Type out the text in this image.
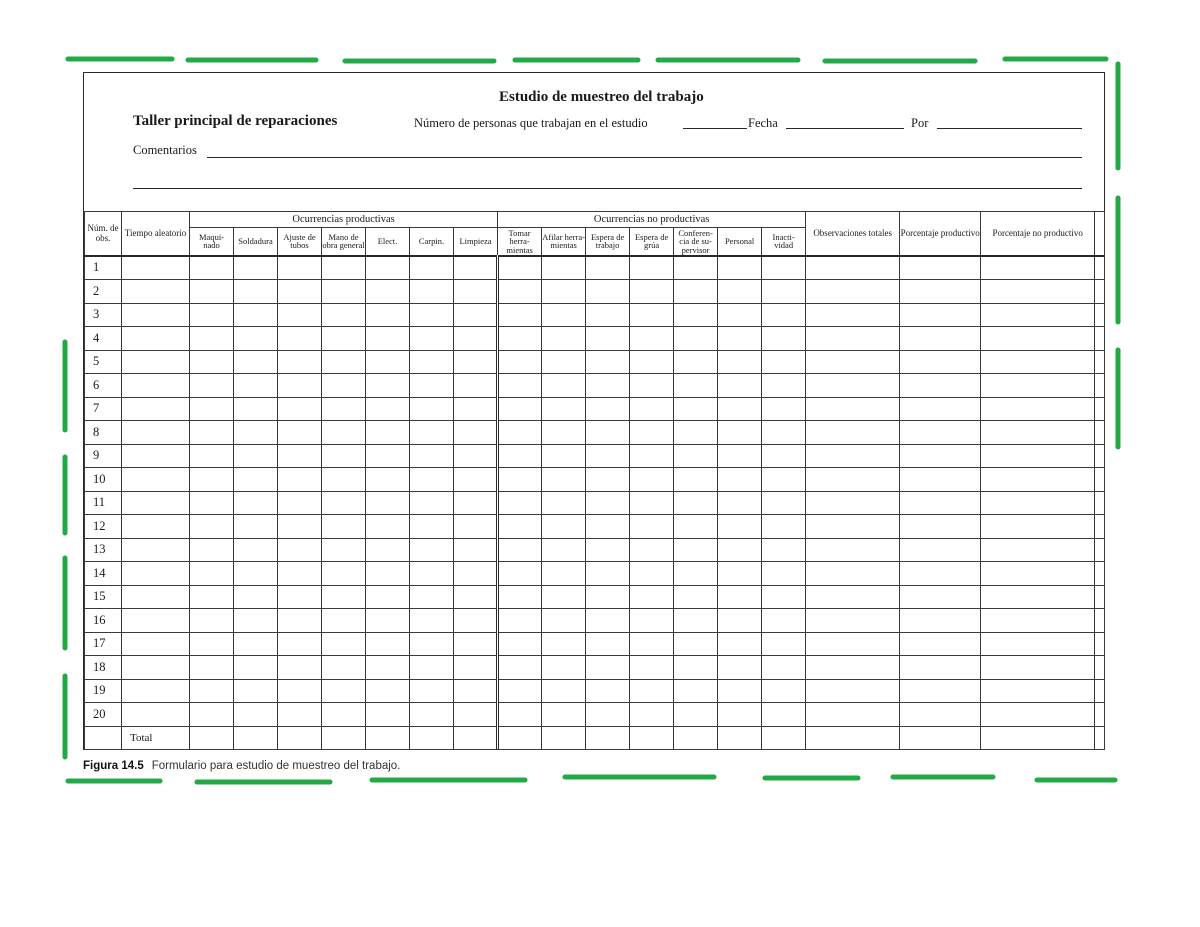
Estudio de muestreo del trabajo
Taller principal de reparaciones	Número de personas que trabajan en el estudio	Fecha	Por
Comentarios
Núm. de obs.	Tiempo aleatorio	Ocurrencias productivas							Ocurrencias no productivas							Observaciones totales	Porcentaje productivo	Porcentaje no productivo	
		Maqui- nado	Soldadura	Ajuste de tubos	Mano de obra general	Elect.	Carpin.	Limpieza	Tomar herra- mientas	Afilar herra- mientas	Espera de trabajo	Espera de grúa	Conferen- cia de su- pervisor	Personal	Inacti- vidad				
1																			
2																			
3																			
4																			
5																			
6																			
7																			
8																			
9																			
10																			
11																			
12																			
13																			
14																			
15																			
16																			
17																			
18																			
19																			
20																			
	Total																		
Figura 14.5 Formulario para estudio de muestreo del trabajo.
